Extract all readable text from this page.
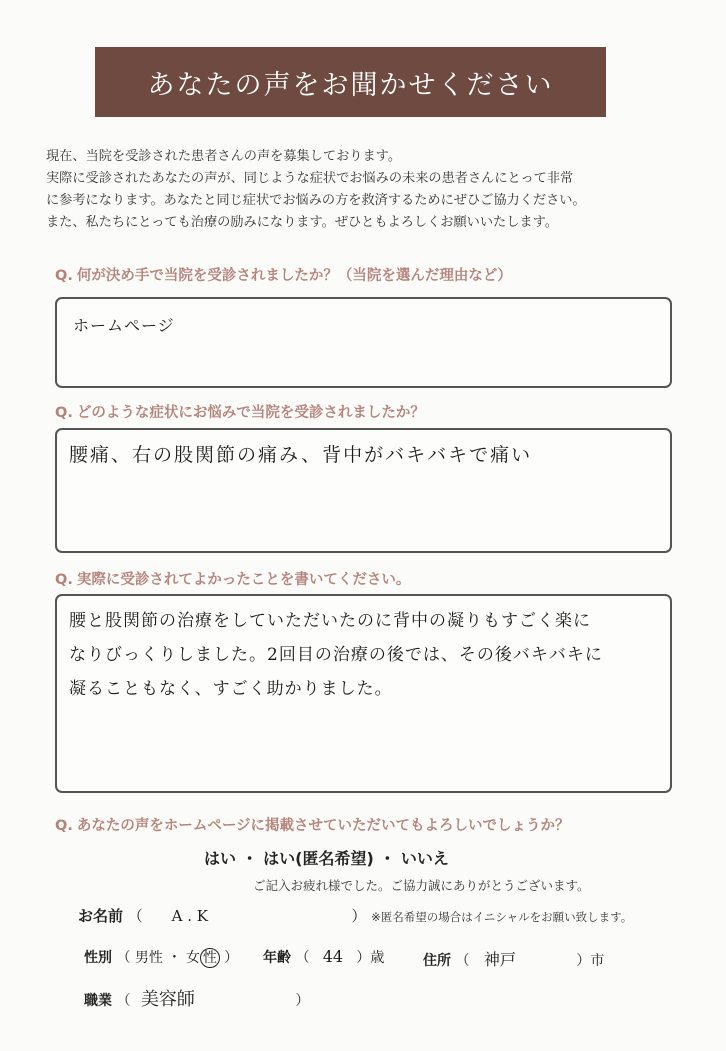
あなたの声をお聞かせください

現在、当院を受診された患者さんの声を募集しております。

実際に受診されたあなたの声が、同じような症状でお悩みの未来の患者さんにとって非常

に参考になります。あなたと同じ症状でお悩みの方を救済するためにぜひご協力ください。

また、私たちにとっても治療の励みになります。ぜひともよろしくお願いいたします。

Q. 何が決め手で当院を受診されましたか？（当院を選んだ理由など）
ホームページ
Q. どのような症状にお悩みで当院を受診されましたか？
腰痛、右の股関節の痛み、背中がバキバキで痛い
Q. 実際に受診されてよかったことを書いてください。
腰と股関節の治療をしていただいたのに背中の凝りもすごく楽に
なりびっくりしました。2回目の治療の後では、その後バキバキに
凝ることもなく、すごく助かりました。
Q. あなたの声をホームページに掲載させていただいてもよろしいでしょうか？
はい ・ はい(匿名希望) ・ いいえ
ご記入お疲れ様でした。ご協力誠にありがとうございます。
お名前 （ A . K	） ※匿名希望の場合はイニシャルをお願い致します。
性別 （ 男性 ・ 女 性 ） 年齢 （ 44 ）歳	住所 （ 神戸	）市
職業 （ 美容師	）
